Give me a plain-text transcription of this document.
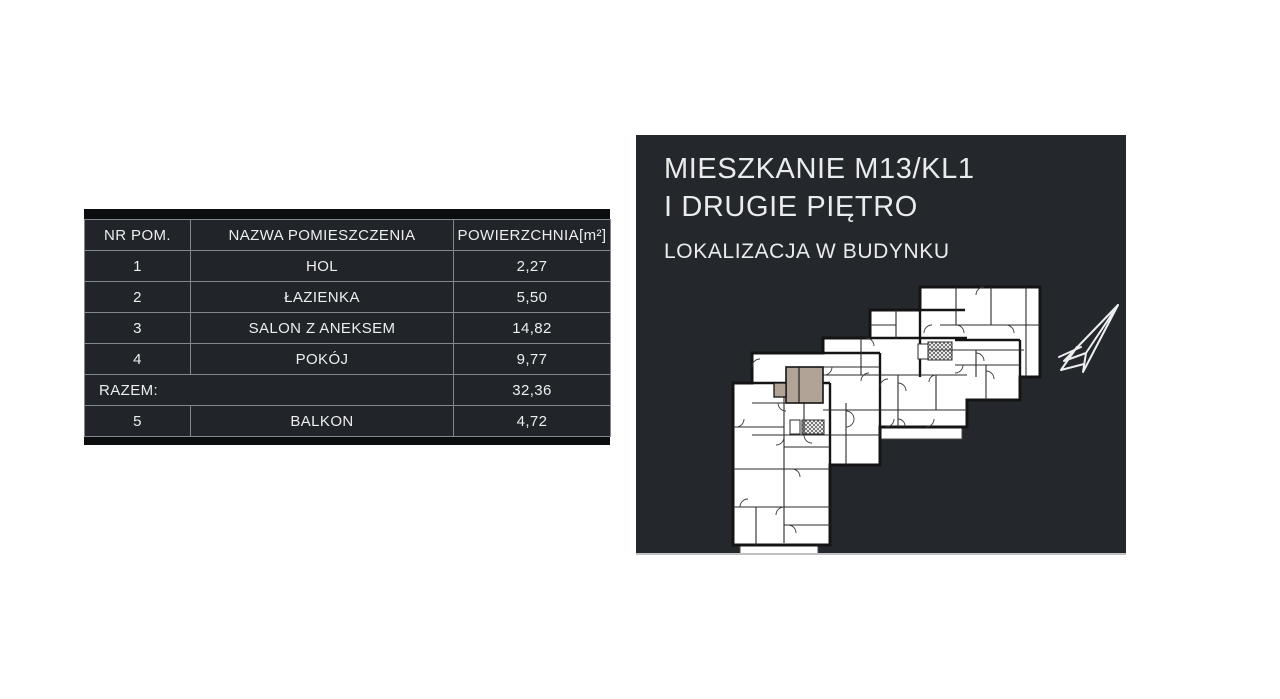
NR POM.	NAZWA POMIESZCZENIA	POWIERZCHNIA[m²]
1	HOL	2,27
2	ŁAZIENKA	5,50
3	SALON Z ANEKSEM	14,82
4	POKÓJ	9,77
RAZEM:		32,36
5	BALKON	4,72
MIESZKANIE M13/KL1
I DRUGIE PIĘTRO
LOKALIZACJA W BUDYNKU
